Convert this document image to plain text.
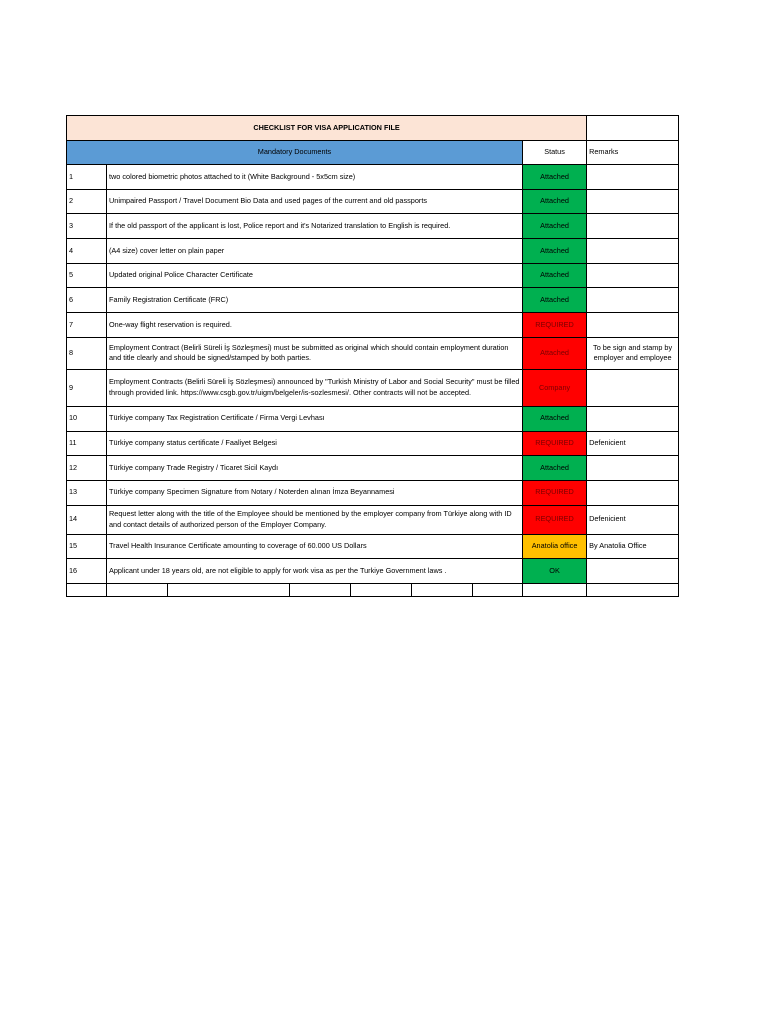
CHECKLIST FOR VISA APPLICATION FILE								
Mandatory Documents							Status	Remarks
1	two colored biometric photos attached to it (White Background - 5x5cm size)						Attached	
2	Unimpaired Passport / Travel Document Bio Data and used pages of the current and old passports						Attached	
3	If the old passport of the applicant is lost, Police report and it's Notarized translation to English is required.						Attached	
4	(A4 size) cover letter on plain paper						Attached	
5	Updated original Police Character Certificate						Attached	
6	Family Registration Certificate (FRC)						Attached	
7	One-way flight reservation is required.						REQUIRED	
8	Employment Contract (Belirli Süreli İş Sözleşmesi) must be submitted as original which should contain employment duration and title clearly and should be signed/stamped by both parties.						Attached	To be sign and stamp by employer and employee
9	Employment Contracts (Belirli Süreli İş Sözleşmesi) announced by "Turkish Ministry of Labor and Social Security" must be filled through provided link. https://www.csgb.gov.tr/uigm/belgeler/is-sozlesmesi/. Other contracts will not be accepted.						Company	
10	Türkiye company Tax Registration Certificate / Firma Vergi Levhası						Attached	
11	Türkiye company status certificate / Faaliyet Belgesi						REQUIRED	Defenicient
12	Türkiye company Trade Registry / Ticaret Sicil Kaydı						Attached	
13	Türkiye company Specimen Signature from Notary / Noterden alınan İmza Beyannamesi						REQUIRED	
14	Request letter along with the title of the Employee should be mentioned by the employer company from Türkiye along with ID and contact details of authorized person of the Employer Company.						REQUIRED	Defenicient
15	Travel Health Insurance Certificate amounting to coverage of 60.000 US Dollars						Anatolia office	By Anatolia Office
16	Applicant under 18 years old, are not eligible to apply for work visa as per the Turkiye Government laws .						OK	
